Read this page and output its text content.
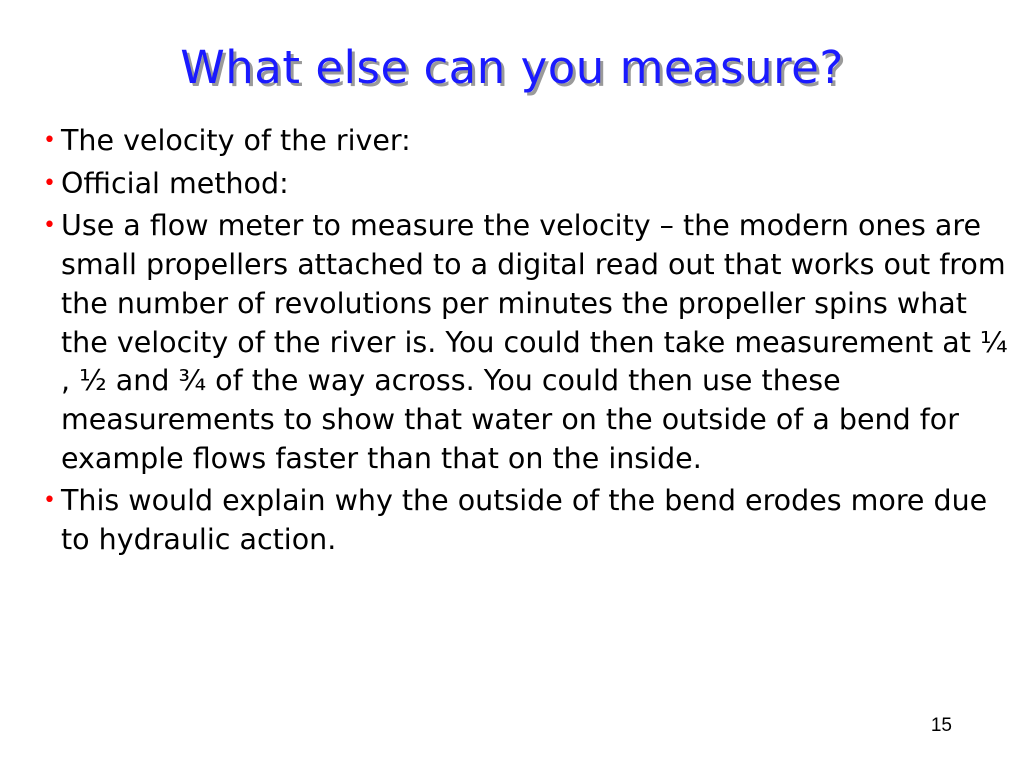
What else can you measure?
•
The velocity of the river:
•
Official method:
•
Use a flow meter to measure the velocity – the modern ones are small propellers attached to a digital read out that works out from the number of revolutions per minutes the propeller spins what the velocity of the river is. You could then take measurement at ¼ , ½ and ¾ of the way across. You could then use these measurements to show that water on the outside of a bend for example flows faster than that on the inside.
•
This would explain why the outside of the bend erodes more due to hydraulic action.
15
